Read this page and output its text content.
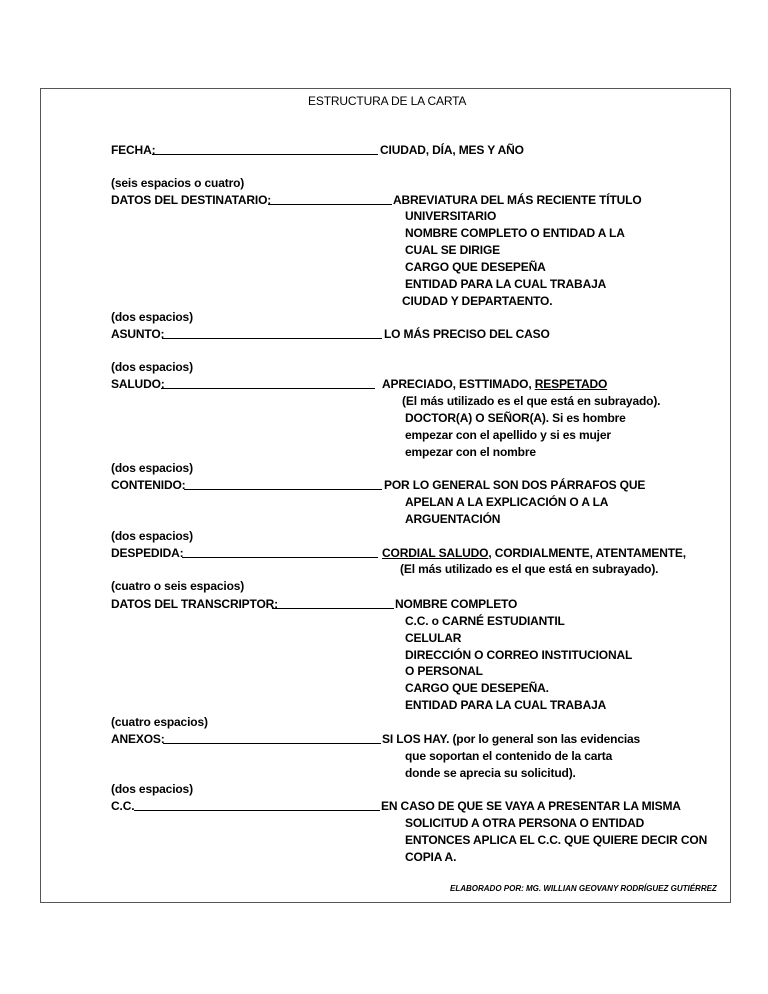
ESTRUCTURA DE LA CARTA
FECHA:	CIUDAD, DÍA, MES Y AÑO
(seis espacios o cuatro)
DATOS DEL DESTINATARIO:	ABREVIATURA DEL MÁS RECIENTE TÍTULO
UNIVERSITARIO
NOMBRE COMPLETO O ENTIDAD A LA
CUAL SE DIRIGE
CARGO QUE DESEPEÑA
ENTIDAD PARA LA CUAL TRABAJA
CIUDAD Y DEPARTAENTO.
(dos espacios)
ASUNTO:	LO MÁS PRECISO DEL CASO
(dos espacios)
SALUDO:	APRECIADO, ESTTIMADO, RESPETADO
(El más utilizado es el que está en subrayado).
DOCTOR(A) O SEÑOR(A). Si es hombre
empezar con el apellido y si es mujer
empezar con el nombre
(dos espacios)
CONTENIDO:	POR LO GENERAL SON DOS PÁRRAFOS QUE
APELAN A LA EXPLICACIÓN O A LA
ARGUENTACIÓN
(dos espacios)
DESPEDIDA:	CORDIAL SALUDO, CORDIALMENTE, ATENTAMENTE,
(El más utilizado es el que está en subrayado).
(cuatro o seis espacios)
DATOS DEL TRANSCRIPTOR:	NOMBRE COMPLETO
C.C. o CARNÉ ESTUDIANTIL
CELULAR
DIRECCIÓN O CORREO INSTITUCIONAL
O PERSONAL
CARGO QUE DESEPEÑA.
ENTIDAD PARA LA CUAL TRABAJA
(cuatro espacios)
ANEXOS:	SI LOS HAY. (por lo general son las evidencias
que soportan el contenido de la carta
donde se aprecia su solicitud).
(dos espacios)
C.C.	EN CASO DE QUE SE VAYA A PRESENTAR LA MISMA
SOLICITUD A OTRA PERSONA O ENTIDAD
ENTONCES APLICA EL C.C. QUE QUIERE DECIR CON
COPIA A.
ELABORADO POR: MG. WILLIAN GEOVANY RODRÍGUEZ GUTIÉRREZ
